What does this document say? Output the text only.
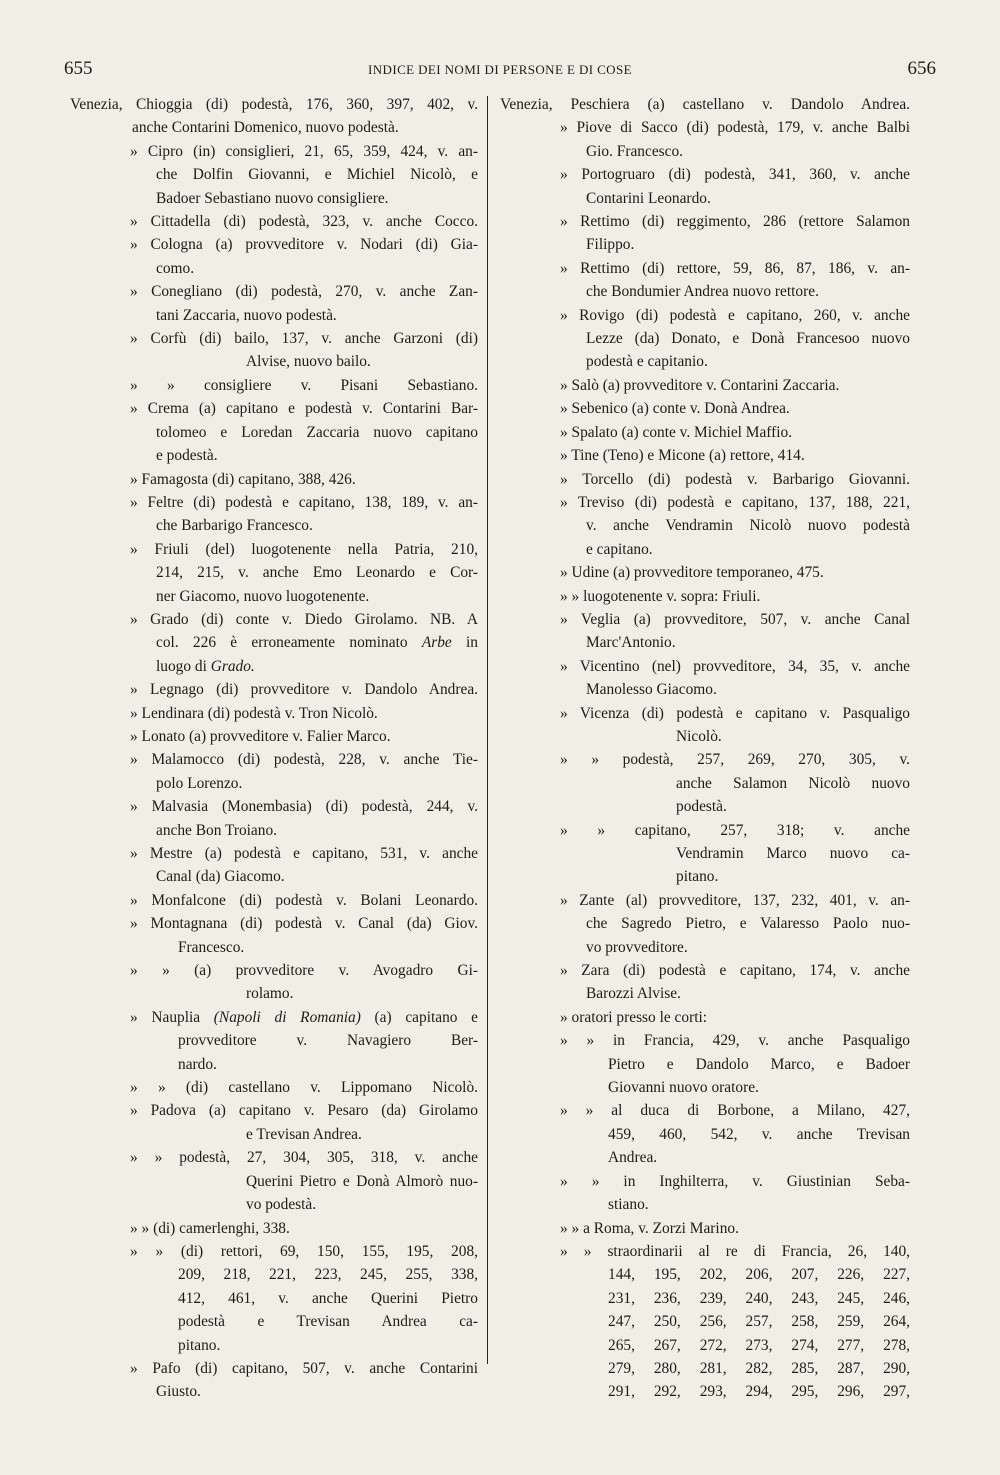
655	INDICE DEI NOMI DI PERSONE E DI COSE	656
Venezia, Chioggia (di) podestà, 176, 360, 397, 402, v.
anche Contarini Domenico, nuovo podestà.
» Cipro (in) consiglieri, 21, 65, 359, 424, v. an-
che Dolfin Giovanni, e Michiel Nicolò, e
Badoer Sebastiano nuovo consigliere.
» Cittadella (di) podestà, 323, v. anche Cocco.
» Cologna (a) provveditore v. Nodari (di) Gia-
como.
» Conegliano (di) podestà, 270, v. anche Zan-
tani Zaccaria, nuovo podestà.
» Corfù (di) bailo, 137, v. anche Garzoni (di)
Alvise, nuovo bailo.
» » consigliere v. Pisani Sebastiano.
» Crema (a) capitano e podestà v. Contarini Bar-
tolomeo e Loredan Zaccaria nuovo capitano
e podestà.
» Famagosta (di) capitano, 388, 426.
» Feltre (di) podestà e capitano, 138, 189, v. an-
che Barbarigo Francesco.
» Friuli (del) luogotenente nella Patria, 210,
214, 215, v. anche Emo Leonardo e Cor-
ner Giacomo, nuovo luogotenente.
» Grado (di) conte v. Diedo Girolamo. NB. A
col. 226 è erroneamente nominato Arbe in
luogo di Grado.
» Legnago (di) provveditore v. Dandolo Andrea.
» Lendinara (di) podestà v. Tron Nicolò.
» Lonato (a) provveditore v. Falier Marco.
» Malamocco (di) podestà, 228, v. anche Tie-
polo Lorenzo.
» Malvasia (Monembasia) (di) podestà, 244, v.
anche Bon Troiano.
» Mestre (a) podestà e capitano, 531, v. anche
Canal (da) Giacomo.
» Monfalcone (di) podestà v. Bolani Leonardo.
» Montagnana (di) podestà v. Canal (da) Giov.
Francesco.
» » (a) provveditore v. Avogadro Gi-
rolamo.
» Nauplia (Napoli di Romania) (a) capitano e
provveditore v. Navagiero Ber-
nardo.
» » (di) castellano v. Lippomano Nicolò.
» Padova (a) capitano v. Pesaro (da) Girolamo
e Trevisan Andrea.
» » podestà, 27, 304, 305, 318, v. anche
Querini Pietro e Donà Almorò nuo-
vo podestà.
» » (di) camerlenghi, 338.
» » (di) rettori, 69, 150, 155, 195, 208,
209, 218, 221, 223, 245, 255, 338,
412, 461, v. anche Querini Pietro
podestà e Trevisan Andrea ca-
pitano.
» Pafo (di) capitano, 507, v. anche Contarini
Giusto.
Venezia, Peschiera (a) castellano v. Dandolo Andrea.
» Piove di Sacco (di) podestà, 179, v. anche Balbi
Gio. Francesco.
» Portogruaro (di) podestà, 341, 360, v. anche
Contarini Leonardo.
» Rettimo (di) reggimento, 286 (rettore Salamon
Filippo.
» Rettimo (di) rettore, 59, 86, 87, 186, v. an-
che Bondumier Andrea nuovo rettore.
» Rovigo (di) podestà e capitano, 260, v. anche
Lezze (da) Donato, e Donà Francesoo nuovo
podestà e capitanio.
» Salò (a) provveditore v. Contarini Zaccaria.
» Sebenico (a) conte v. Donà Andrea.
» Spalato (a) conte v. Michiel Maffio.
» Tine (Teno) e Micone (a) rettore, 414.
» Torcello (di) podestà v. Barbarigo Giovanni.
» Treviso (di) podestà e capitano, 137, 188, 221,
v. anche Vendramin Nicolò nuovo podestà
e capitano.
» Udine (a) provveditore temporaneo, 475.
» » luogotenente v. sopra: Friuli.
» Veglia (a) provveditore, 507, v. anche Canal
Marc'Antonio.
» Vicentino (nel) provveditore, 34, 35, v. anche
Manolesso Giacomo.
» Vicenza (di) podestà e capitano v. Pasqualigo
Nicolò.
» » podestà, 257, 269, 270, 305, v.
anche Salamon Nicolò nuovo
podestà.
» » capitano, 257, 318; v. anche
Vendramin Marco nuovo ca-
pitano.
» Zante (al) provveditore, 137, 232, 401, v. an-
che Sagredo Pietro, e Valaresso Paolo nuo-
vo provveditore.
» Zara (di) podestà e capitano, 174, v. anche
Barozzi Alvise.
» oratori presso le corti:
» » in Francia, 429, v. anche Pasqualigo
Pietro e Dandolo Marco, e Badoer
Giovanni nuovo oratore.
» » al duca di Borbone, a Milano, 427,
459, 460, 542, v. anche Trevisan
Andrea.
» » in Inghilterra, v. Giustinian Seba-
stiano.
» » a Roma, v. Zorzi Marino.
» » straordinarii al re di Francia, 26, 140,
144, 195, 202, 206, 207, 226, 227,
231, 236, 239, 240, 243, 245, 246,
247, 250, 256, 257, 258, 259, 264,
265, 267, 272, 273, 274, 277, 278,
279, 280, 281, 282, 285, 287, 290,
291, 292, 293, 294, 295, 296, 297,
